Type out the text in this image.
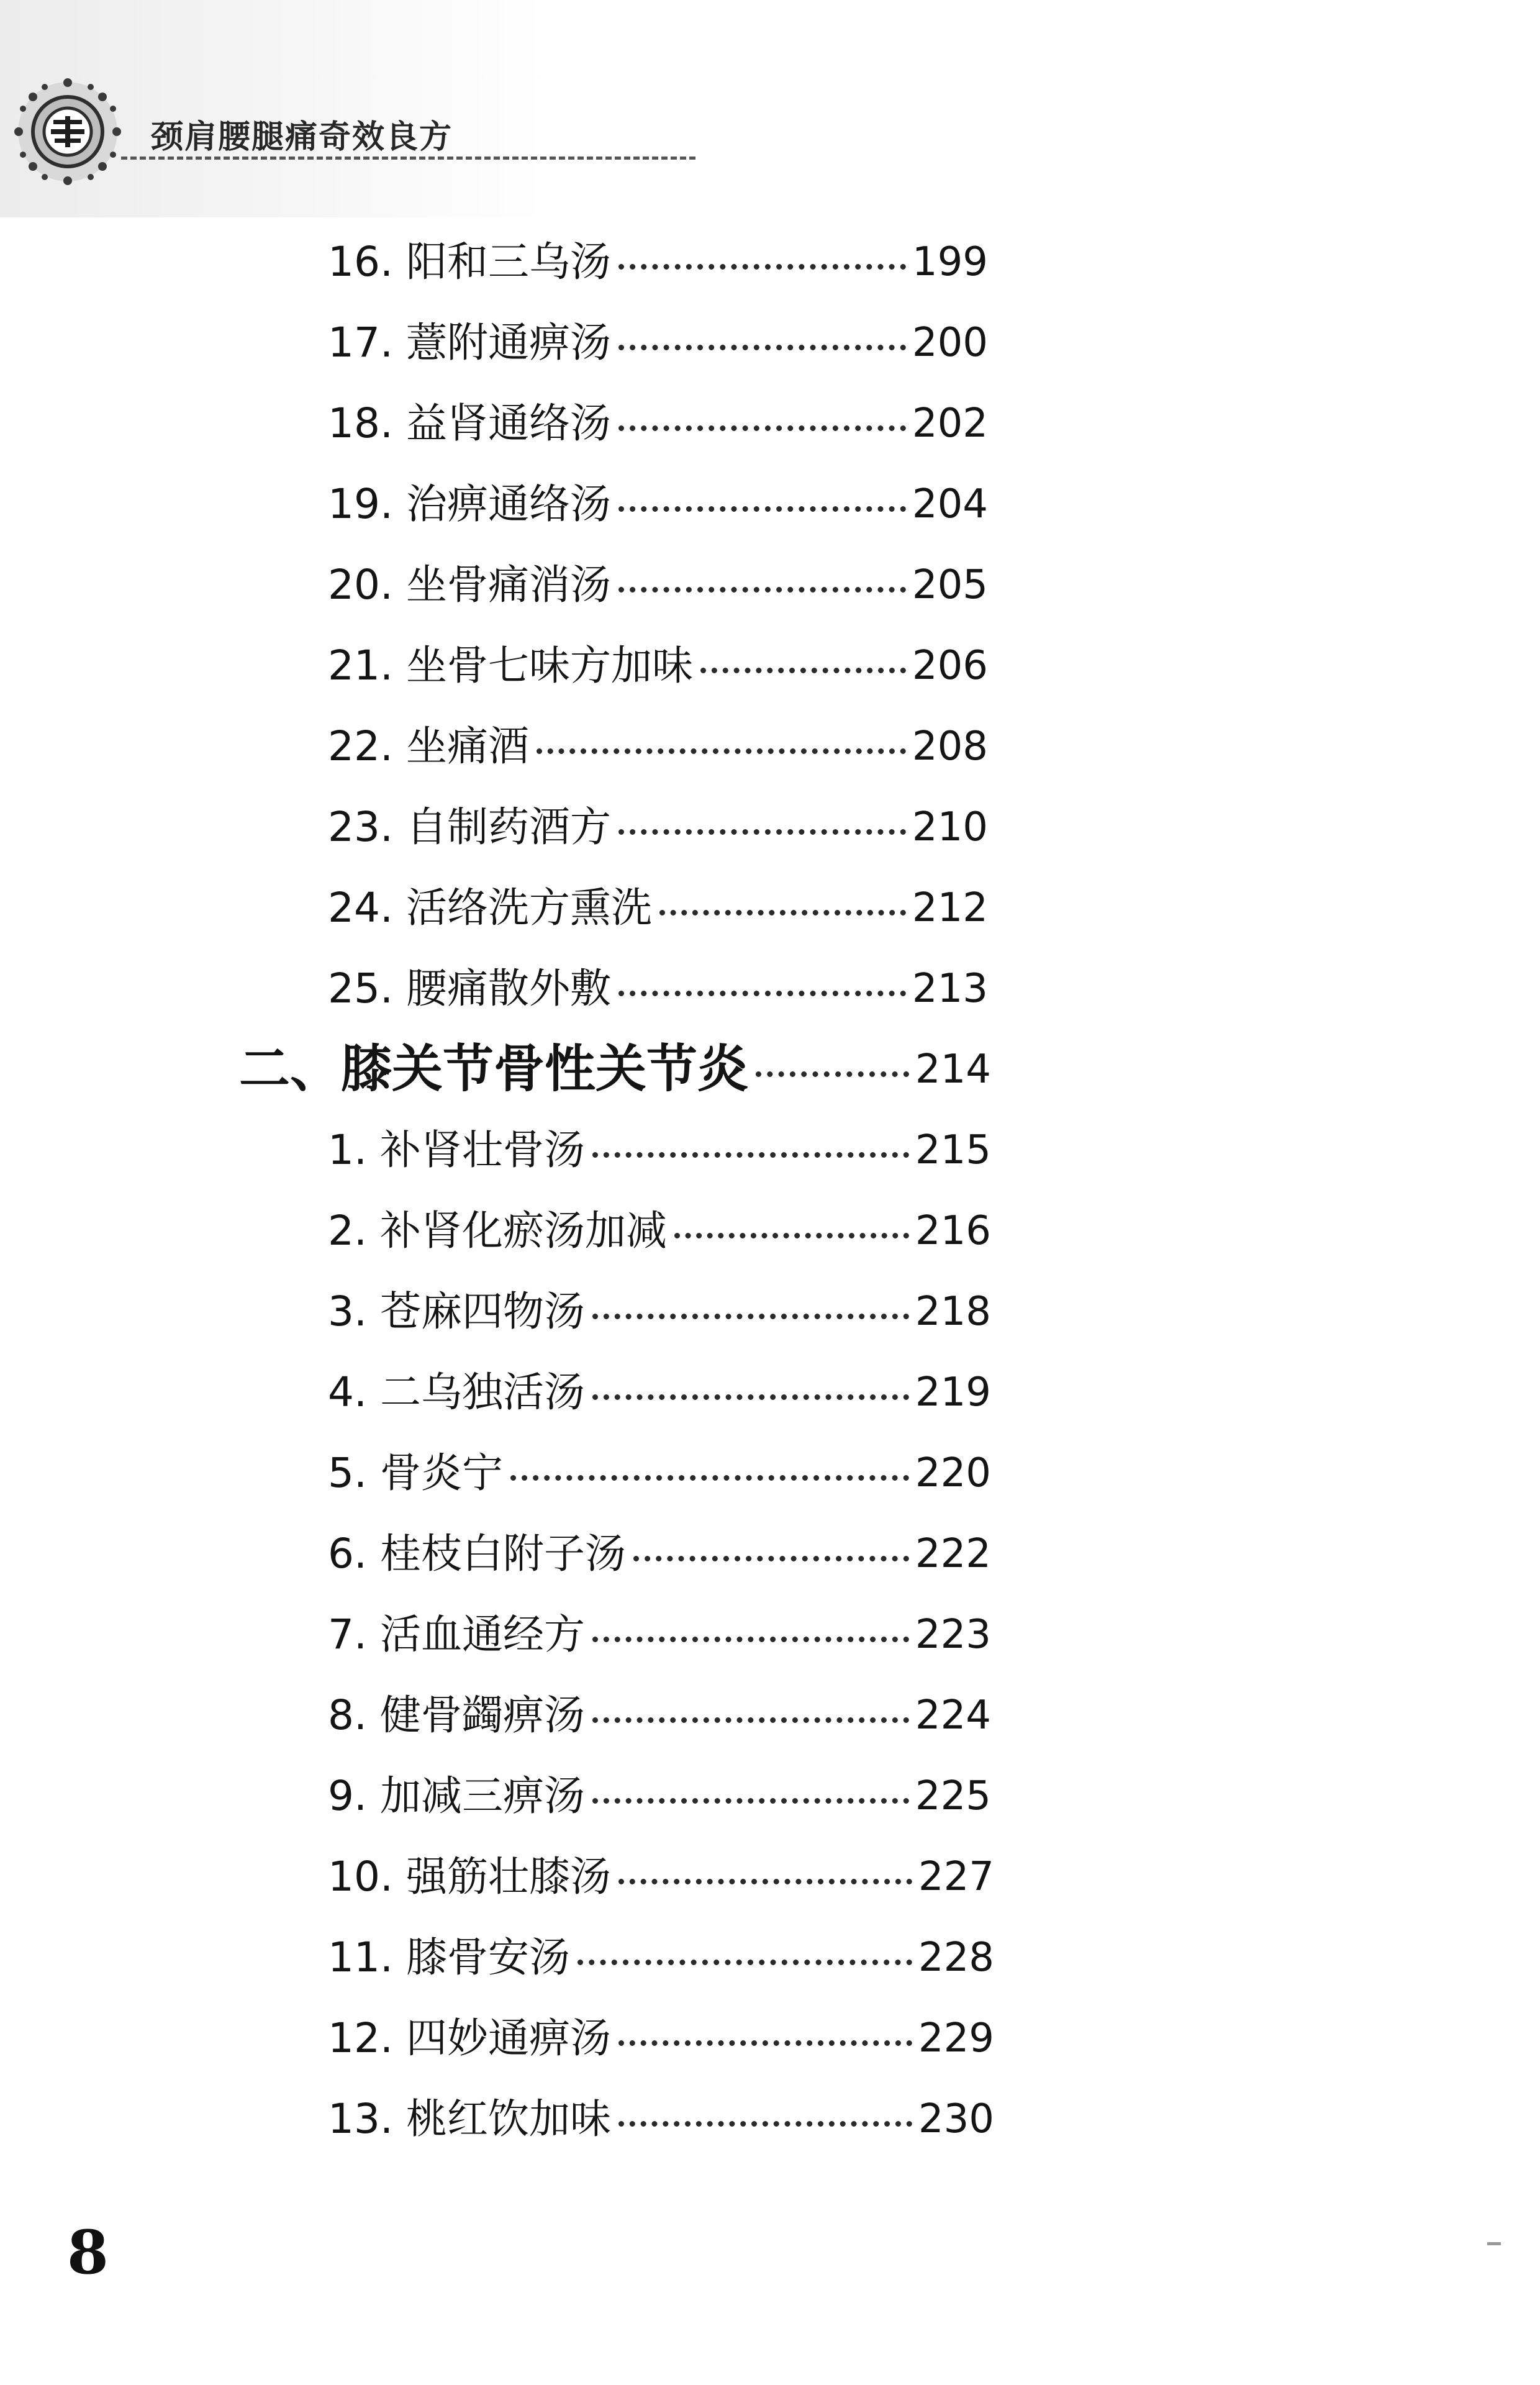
颈肩腰腿痛奇效良方
16. 阳和三乌汤	199
17. 薏附通痹汤	200
18. 益肾通络汤	202
19. 治痹通络汤	204
20. 坐骨痛消汤	205
21. 坐骨七味方加味	206
22. 坐痛酒	208
23. 自制药酒方	210
24. 活络洗方熏洗	212
25. 腰痛散外敷	213
二、膝关节骨性关节炎	214
1. 补肾壮骨汤	215
2. 补肾化瘀汤加减	216
3. 苍麻四物汤	218
4. 二乌独活汤	219
5. 骨炎宁	220
6. 桂枝白附子汤	222
7. 活血通经方	223
8. 健骨蠲痹汤	224
9. 加减三痹汤	225
10. 强筋壮膝汤	227
11. 膝骨安汤	228
12. 四妙通痹汤	229
13. 桃红饮加味	230
8
